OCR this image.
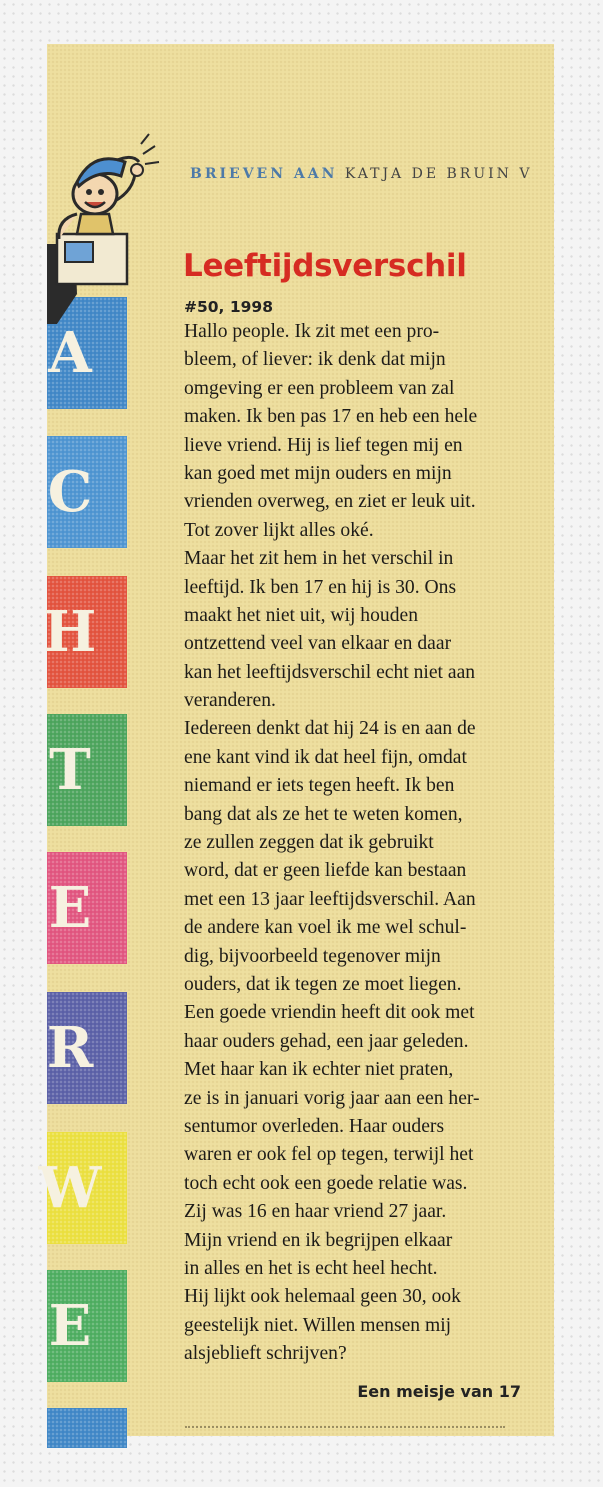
A
C
H
T
E
R
W
E
BRIEVEN AAN KATJA DE BRUIN V
Leeftijdsverschil
#50, 1998
Hallo people. Ik zit met een pro-
bleem, of liever: ik denk dat mijn
omgeving er een probleem van zal
maken. Ik ben pas 17 en heb een hele
lieve vriend. Hij is lief tegen mij en
kan goed met mijn ouders en mijn
vrienden overweg, en ziet er leuk uit.
Tot zover lijkt alles oké.
Maar het zit hem in het verschil in
leeftijd. Ik ben 17 en hij is 30. Ons
maakt het niet uit, wij houden
ontzettend veel van elkaar en daar
kan het leeftijdsverschil echt niet aan
veranderen.
Iedereen denkt dat hij 24 is en aan de
ene kant vind ik dat heel fijn, omdat
niemand er iets tegen heeft. Ik ben
bang dat als ze het te weten komen,
ze zullen zeggen dat ik gebruikt
word, dat er geen liefde kan bestaan
met een 13 jaar leeftijdsverschil. Aan
de andere kan voel ik me wel schul-
dig, bijvoorbeeld tegenover mijn
ouders, dat ik tegen ze moet liegen.
Een goede vriendin heeft dit ook met
haar ouders gehad, een jaar geleden.
Met haar kan ik echter niet praten,
ze is in januari vorig jaar aan een her-
sentumor overleden. Haar ouders
waren er ook fel op tegen, terwijl het
toch echt ook een goede relatie was.
Zij was 16 en haar vriend 27 jaar.
Mijn vriend en ik begrijpen elkaar
in alles en het is echt heel hecht.
Hij lijkt ook helemaal geen 30, ook
geestelijk niet. Willen mensen mij
alsjeblieft schrijven?
Een meisje van 17
